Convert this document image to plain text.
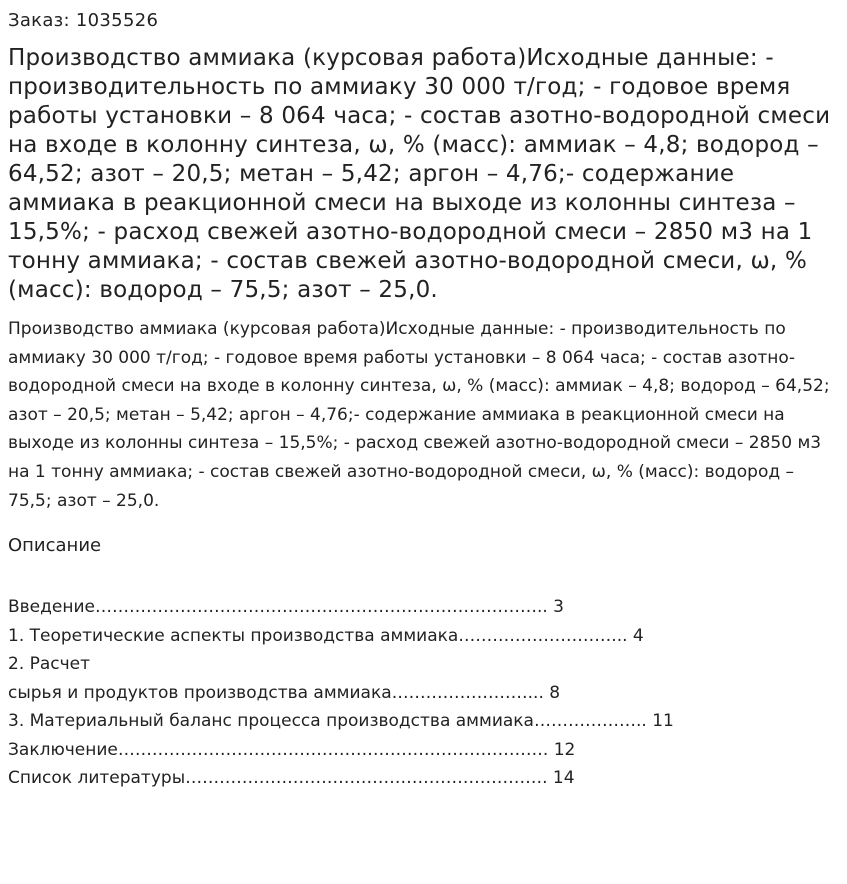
Заказ: 1035526
Производство аммиака (курсовая работа)Исходные данные: - производительность по аммиаку 30 000 т/год; - годовое время работы установки – 8 064 часа; - состав азотно-водородной смеси на входе в колонну синтеза, ω, % (масс): аммиак – 4,8; водород – 64,52; азот – 20,5; метан – 5,42; аргон – 4,76;- содержание аммиака в реакционной смеси на выходе из колонны синтеза – 15,5%; - расход свежей азотно-водородной смеси – 2850 м3 на 1 тонну аммиака; - состав свежей азотно-водородной смеси, ω, % (масс): водород – 75,5; азот – 25,0.

Производство аммиака (курсовая работа)Исходные данные: - производительность по аммиаку 30 000 т/год; - годовое время работы установки – 8 064 часа; - состав азотно-водородной смеси на входе в колонну синтеза, ω, % (масс): аммиак – 4,8; водород – 64,52; азот – 20,5; метан – 5,42; аргон – 4,76;- содержание аммиака в реакционной смеси на выходе из колонны синтеза – 15,5%; - расход свежей азотно-водородной смеси – 2850 м3 на 1 тонну аммиака; - состав свежей азотно-водородной смеси, ω, % (масс): водород – 75,5; азот – 25,0.

Описание
Введение…………………………………………………………………….. 3
1. Теоретические аспекты производства аммиака………………………... 4
2. Расчет
сырья и продуктов производства аммиака……………………... 8
3. Материальный баланс процесса производства аммиака……………….. 11
Заключение…………………………………………………………………. 12
Список литературы………………………………………………………. 14
